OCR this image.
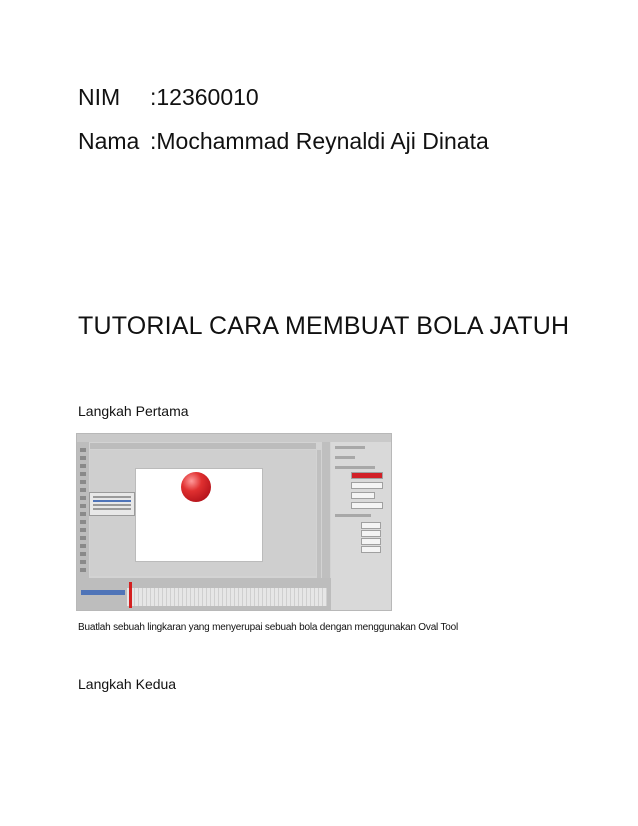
NIM :12360010
Nama :Mochammad Reynaldi Aji Dinata
TUTORIAL CARA MEMBUAT BOLA JATUH
Langkah Pertama
Buatlah sebuah lingkaran yang menyerupai sebuah bola dengan menggunakan Oval Tool
Langkah Kedua
